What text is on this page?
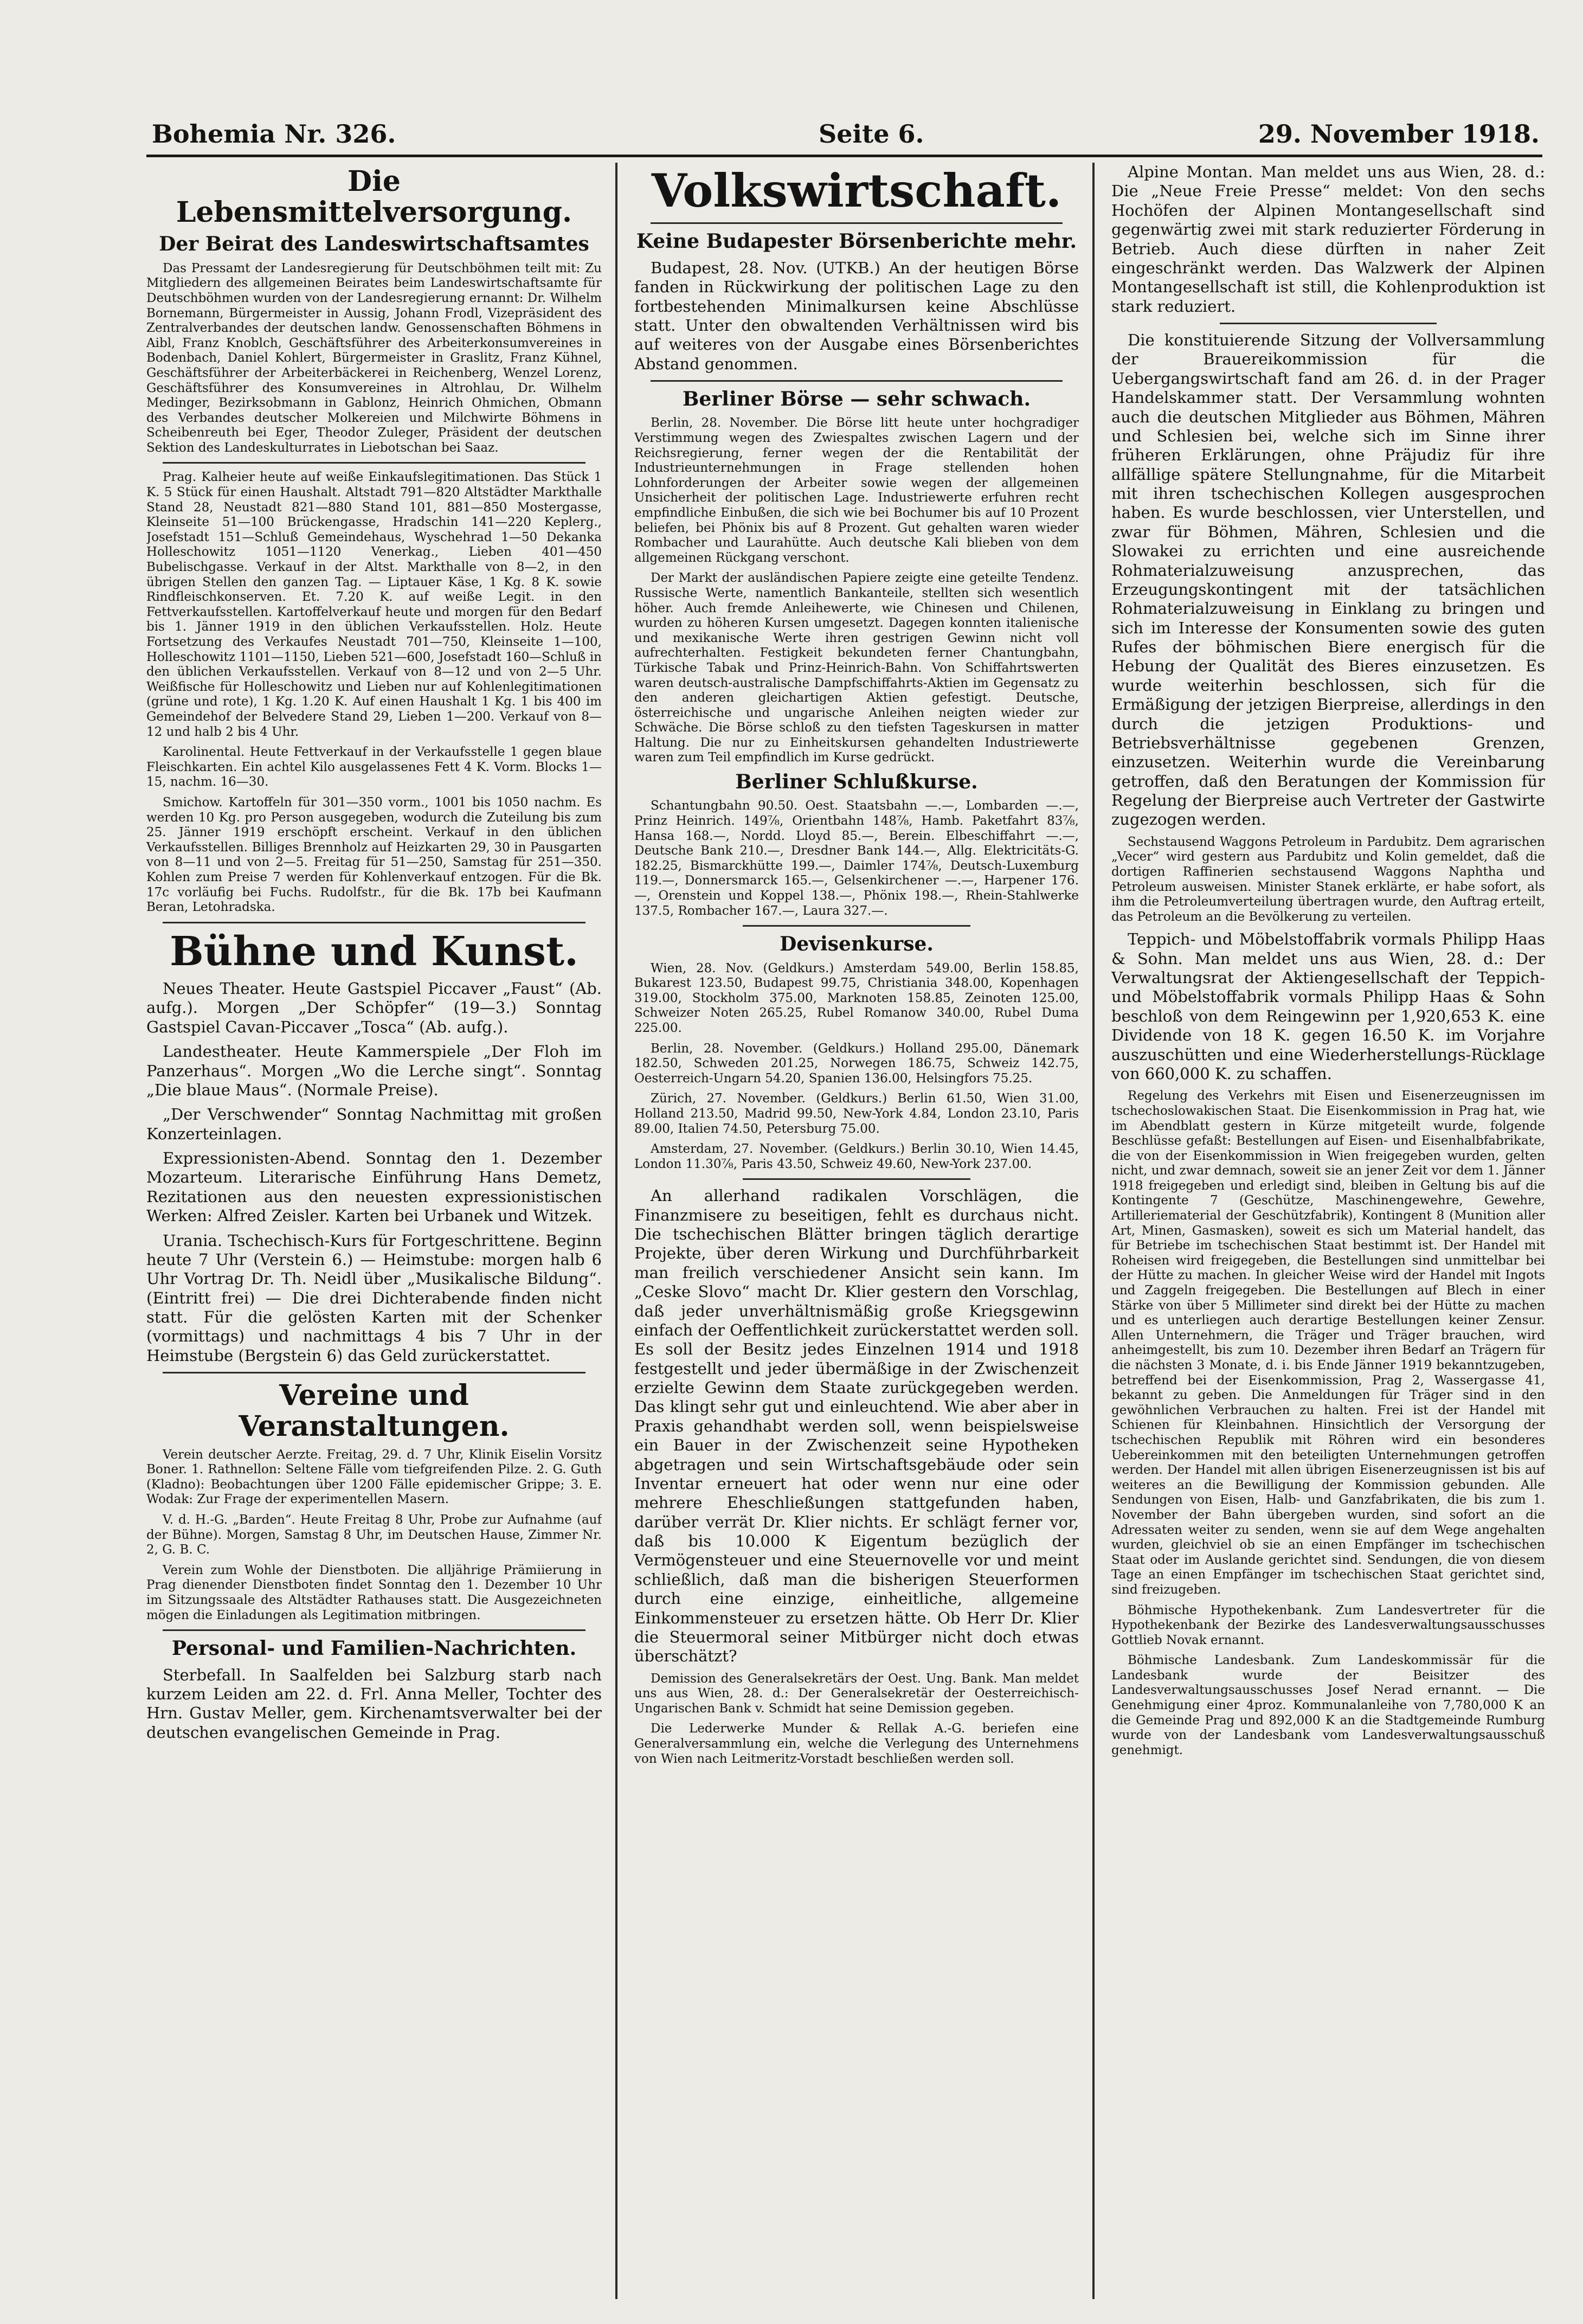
Bohemia Nr. 326.	Seite 6.	29. November 1918.
Die Lebensmittelversorgung.
Der Beirat des Landeswirtschaftsamtes

Das Pressamt der Landesregierung für Deutschböhmen teilt mit: Zu Mitgliedern des allgemeinen Beirates beim Landeswirtschaftsamte für Deutschböhmen wurden von der Landesregierung ernannt: Dr. Wilhelm Bornemann, Bürgermeister in Aussig, Johann Frodl, Vizepräsident des Zentralverbandes der deutschen landw. Genossenschaften Böhmens in Aibl, Franz Knoblch, Geschäftsführer des Arbeiterkonsumvereines in Bodenbach, Daniel Kohlert, Bürgermeister in Graslitz, Franz Kühnel, Geschäftsführer der Arbeiterbäckerei in Reichenberg, Wenzel Lorenz, Geschäftsführer des Konsumvereines in Altrohlau, Dr. Wilhelm Medinger, Bezirksobmann in Gablonz, Heinrich Ohmichen, Obmann des Verbandes deutscher Molkereien und Milchwirte Böhmens in Scheibenreuth bei Eger, Theodor Zuleger, Präsident der deutschen Sektion des Landeskulturrates in Liebotschan bei Saaz.

Prag. Kalheier heute auf weiße Einkaufslegitimationen. Das Stück 1 K. 5 Stück für einen Haushalt. Altstadt 791—820 Altstädter Markthalle Stand 28, Neustadt 821—880 Stand 101, 881—850 Mostergasse, Kleinseite 51—100 Brückengasse, Hradschin 141—220 Keplerg., Josefstadt 151—Schluß Gemeindehaus, Wyschehrad 1—50 Dekanka Holleschowitz 1051—1120 Venerkag., Lieben 401—450 Bubelischgasse. Verkauf in der Altst. Markthalle von 8—2, in den übrigen Stellen den ganzen Tag. — Liptauer Käse, 1 Kg. 8 K. sowie Rindfleischkonserven. Et. 7.20 K. auf weiße Legit. in den Fettverkaufsstellen. Kartoffelverkauf heute und morgen für den Bedarf bis 1. Jänner 1919 in den üblichen Verkaufsstellen. Holz. Heute Fortsetzung des Verkaufes Neustadt 701—750, Kleinseite 1—100, Holleschowitz 1101—1150, Lieben 521—600, Josefstadt 160—Schluß in den üblichen Verkaufsstellen. Verkauf von 8—12 und von 2—5 Uhr. Weißfische für Holleschowitz und Lieben nur auf Kohlenlegitimationen (grüne und rote), 1 Kg. 1.20 K. Auf einen Haushalt 1 Kg. 1 bis 400 im Gemeindehof der Belvedere Stand 29, Lieben 1—200. Verkauf von 8—12 und halb 2 bis 4 Uhr.

Karolinental. Heute Fettverkauf in der Verkaufsstelle 1 gegen blaue Fleischkarten. Ein achtel Kilo ausgelassenes Fett 4 K. Vorm. Blocks 1—15, nachm. 16—30.

Smichow. Kartoffeln für 301—350 vorm., 1001 bis 1050 nachm. Es werden 10 Kg. pro Person ausgegeben, wodurch die Zuteilung bis zum 25. Jänner 1919 erschöpft erscheint. Verkauf in den üblichen Verkaufsstellen. Billiges Brennholz auf Heizkarten 29, 30 in Pausgarten von 8—11 und von 2—5. Freitag für 51—250, Samstag für 251—350. Kohlen zum Preise 7 werden für Kohlenverkauf entzogen. Für die Bk. 17c vorläufig bei Fuchs. Rudolfstr., für die Bk. 17b bei Kaufmann Beran, Letohradska.

Bühne und Kunst.

Neues Theater. Heute Gastspiel Piccaver „Faust“ (Ab. aufg.). Morgen „Der Schöpfer“ (19—3.) Sonntag Gastspiel Cavan-Piccaver „Tosca“ (Ab. aufg.).

Landestheater. Heute Kammerspiele „Der Floh im Panzerhaus“. Morgen „Wo die Lerche singt“. Sonntag „Die blaue Maus“. (Normale Preise).

„Der Verschwender“ Sonntag Nachmittag mit großen Konzerteinlagen.

Expressionisten-Abend. Sonntag den 1. Dezember Mozarteum. Literarische Einführung Hans Demetz, Rezitationen aus den neuesten expressionistischen Werken: Alfred Zeisler. Karten bei Urbanek und Witzek.

Urania. Tschechisch-Kurs für Fortgeschrittene. Beginn heute 7 Uhr (Verstein 6.) — Heimstube: morgen halb 6 Uhr Vortrag Dr. Th. Neidl über „Musikalische Bildung“. (Eintritt frei) — Die drei Dichterabende finden nicht statt. Für die gelösten Karten mit der Schenker (vormittags) und nachmittags 4 bis 7 Uhr in der Heimstube (Bergstein 6) das Geld zurückerstattet.

Vereine und Veranstaltungen.

Verein deutscher Aerzte. Freitag, 29. d. 7 Uhr, Klinik Eiselin Vorsitz Boner. 1. Rathnellon: Seltene Fälle vom tiefgreifenden Pilze. 2. G. Guth (Kladno): Beobachtungen über 1200 Fälle epidemischer Grippe; 3. E. Wodak: Zur Frage der experimentellen Masern.

V. d. H.-G. „Barden“. Heute Freitag 8 Uhr, Probe zur Aufnahme (auf der Bühne). Morgen, Samstag 8 Uhr, im Deutschen Hause, Zimmer Nr. 2, G. B. C.

Verein zum Wohle der Dienstboten. Die alljährige Prämiierung in Prag dienender Dienstboten findet Sonntag den 1. Dezember 10 Uhr im Sitzungssaale des Altstädter Rathauses statt. Die Ausgezeichneten mögen die Einladungen als Legitimation mitbringen.

Personal- und Familien-Nachrichten.

Sterbefall. In Saalfelden bei Salzburg starb nach kurzem Leiden am 22. d. Frl. Anna Meller, Tochter des Hrn. Gustav Meller, gem. Kirchenamtsverwalter bei der deutschen evangelischen Gemeinde in Prag.

Volkswirtschaft.
Keine Budapester Börsenberichte mehr.

Budapest, 28. Nov. (UTKB.) An der heutigen Börse fanden in Rückwirkung der politischen Lage zu den fortbestehenden Minimalkursen keine Abschlüsse statt. Unter den obwaltenden Verhältnissen wird bis auf weiteres von der Ausgabe eines Börsenberichtes Abstand genommen.

Berliner Börse — sehr schwach.

Berlin, 28. November. Die Börse litt heute unter hochgradiger Verstimmung wegen des Zwiespaltes zwischen Lagern und der Reichsregierung, ferner wegen der die Rentabilität der Industrieunternehmungen in Frage stellenden hohen Lohnforderungen der Arbeiter sowie wegen der allgemeinen Unsicherheit der politischen Lage. Industriewerte erfuhren recht empfindliche Einbußen, die sich wie bei Bochumer bis auf 10 Prozent beliefen, bei Phönix bis auf 8 Prozent. Gut gehalten waren wieder Rombacher und Laurahütte. Auch deutsche Kali blieben von dem allgemeinen Rückgang verschont.

Der Markt der ausländischen Papiere zeigte eine geteilte Tendenz. Russische Werte, namentlich Bankanteile, stellten sich wesentlich höher. Auch fremde Anleihewerte, wie Chinesen und Chilenen, wurden zu höheren Kursen umgesetzt. Dagegen konnten italienische und mexikanische Werte ihren gestrigen Gewinn nicht voll aufrechterhalten. Festigkeit bekundeten ferner Chantungbahn, Türkische Tabak und Prinz-Heinrich-Bahn. Von Schiffahrtswerten waren deutsch-australische Dampfschiffahrts-Aktien im Gegensatz zu den anderen gleichartigen Aktien gefestigt. Deutsche, österreichische und ungarische Anleihen neigten wieder zur Schwäche. Die Börse schloß zu den tiefsten Tageskursen in matter Haltung. Die nur zu Einheitskursen gehandelten Industriewerte waren zum Teil empfindlich im Kurse gedrückt.

Berliner Schlußkurse.

Schantungbahn 90.50. Oest. Staatsbahn —.—, Lombarden —.—, Prinz Heinrich. 149⅞, Orientbahn 148⅞, Hamb. Paketfahrt 83⅞, Hansa 168.—, Nordd. Lloyd 85.—, Berein. Elbeschiffahrt —.—, Deutsche Bank 210.—, Dresdner Bank 144.—, Allg. Elektricitäts-G. 182.25, Bismarckhütte 199.—, Daimler 174⅞, Deutsch-Luxemburg 119.—, Donnersmarck 165.—, Gelsenkirchener —.—, Harpener 176.—, Orenstein und Koppel 138.—, Phönix 198.—, Rhein-Stahlwerke 137.5, Rombacher 167.—, Laura 327.—.

Devisenkurse.

Wien, 28. Nov. (Geldkurs.) Amsterdam 549.00, Berlin 158.85, Bukarest 123.50, Budapest 99.75, Christiania 348.00, Kopenhagen 319.00, Stockholm 375.00, Marknoten 158.85, Zeinoten 125.00, Schweizer Noten 265.25, Rubel Romanow 340.00, Rubel Duma 225.00.

Berlin, 28. November. (Geldkurs.) Holland 295.00, Dänemark 182.50, Schweden 201.25, Norwegen 186.75, Schweiz 142.75, Oesterreich-Ungarn 54.20, Spanien 136.00, Helsingfors 75.25.

Zürich, 27. November. (Geldkurs.) Berlin 61.50, Wien 31.00, Holland 213.50, Madrid 99.50, New-York 4.84, London 23.10, Paris 89.00, Italien 74.50, Petersburg 75.00.

Amsterdam, 27. November. (Geldkurs.) Berlin 30.10, Wien 14.45, London 11.30⅞, Paris 43.50, Schweiz 49.60, New-York 237.00.

An allerhand radikalen Vorschlägen, die Finanzmisere zu beseitigen, fehlt es durchaus nicht. Die tschechischen Blätter bringen täglich derartige Projekte, über deren Wirkung und Durchführbarkeit man freilich verschiedener Ansicht sein kann. Im „Ceske Slovo“ macht Dr. Klier gestern den Vorschlag, daß jeder unverhältnismäßig große Kriegsgewinn einfach der Oeffentlichkeit zurückerstattet werden soll. Es soll der Besitz jedes Einzelnen 1914 und 1918 festgestellt und jeder übermäßige in der Zwischenzeit erzielte Gewinn dem Staate zurückgegeben werden. Das klingt sehr gut und einleuchtend. Wie aber aber in Praxis gehandhabt werden soll, wenn beispielsweise ein Bauer in der Zwischenzeit seine Hypotheken abgetragen und sein Wirtschaftsgebäude oder sein Inventar erneuert hat oder wenn nur eine oder mehrere Eheschließungen stattgefunden haben, darüber verrät Dr. Klier nichts. Er schlägt ferner vor, daß bis 10.000 K Eigentum bezüglich der Vermögensteuer und eine Steuernovelle vor und meint schließlich, daß man die bisherigen Steuerformen durch eine einzige, einheitliche, allgemeine Einkommensteuer zu ersetzen hätte. Ob Herr Dr. Klier die Steuermoral seiner Mitbürger nicht doch etwas überschätzt?

Demission des Generalsekretärs der Oest. Ung. Bank. Man meldet uns aus Wien, 28. d.: Der Generalsekretär der Oesterreichisch-Ungarischen Bank v. Schmidt hat seine Demission gegeben.

Die Lederwerke Munder & Rellak A.-G. beriefen eine Generalversammlung ein, welche die Verlegung des Unternehmens von Wien nach Leitmeritz-Vorstadt beschließen werden soll.

Alpine Montan. Man meldet uns aus Wien, 28. d.: Die „Neue Freie Presse“ meldet: Von den sechs Hochöfen der Alpinen Montangesellschaft sind gegenwärtig zwei mit stark reduzierter Förderung in Betrieb. Auch diese dürften in naher Zeit eingeschränkt werden. Das Walzwerk der Alpinen Montangesellschaft ist still, die Kohlenproduktion ist stark reduziert.

Die konstituierende Sitzung der Vollversammlung der Brauereikommission für die Uebergangswirtschaft fand am 26. d. in der Prager Handelskammer statt. Der Versammlung wohnten auch die deutschen Mitglieder aus Böhmen, Mähren und Schlesien bei, welche sich im Sinne ihrer früheren Erklärungen, ohne Präjudiz für ihre allfällige spätere Stellungnahme, für die Mitarbeit mit ihren tschechischen Kollegen ausgesprochen haben. Es wurde beschlossen, vier Unterstellen, und zwar für Böhmen, Mähren, Schlesien und die Slowakei zu errichten und eine ausreichende Rohmaterialzuweisung anzusprechen, das Erzeugungskontingent mit der tatsächlichen Rohmaterialzuweisung in Einklang zu bringen und sich im Interesse der Konsumenten sowie des guten Rufes der böhmischen Biere energisch für die Hebung der Qualität des Bieres einzusetzen. Es wurde weiterhin beschlossen, sich für die Ermäßigung der jetzigen Bierpreise, allerdings in den durch die jetzigen Produktions- und Betriebsverhältnisse gegebenen Grenzen, einzusetzen. Weiterhin wurde die Vereinbarung getroffen, daß den Beratungen der Kommission für Regelung der Bierpreise auch Vertreter der Gastwirte zugezogen werden.

Sechstausend Waggons Petroleum in Pardubitz. Dem agrarischen „Vecer“ wird gestern aus Pardubitz und Kolin gemeldet, daß die dortigen Raffinerien sechstausend Waggons Naphtha und Petroleum ausweisen. Minister Stanek erklärte, er habe sofort, als ihm die Petroleumverteilung übertragen wurde, den Auftrag erteilt, das Petroleum an die Bevölkerung zu verteilen.

Teppich- und Möbelstoffabrik vormals Philipp Haas & Sohn. Man meldet uns aus Wien, 28. d.: Der Verwaltungsrat der Aktiengesellschaft der Teppich- und Möbelstoffabrik vormals Philipp Haas & Sohn beschloß von dem Reingewinn per 1,920,653 K. eine Dividende von 18 K. gegen 16.50 K. im Vorjahre auszuschütten und eine Wiederherstellungs-Rücklage von 660,000 K. zu schaffen.

Regelung des Verkehrs mit Eisen und Eisenerzeugnissen im tschechoslowakischen Staat. Die Eisenkommission in Prag hat, wie im Abendblatt gestern in Kürze mitgeteilt wurde, folgende Beschlüsse gefaßt: Bestellungen auf Eisen- und Eisenhalbfabrikate, die von der Eisenkommission in Wien freigegeben wurden, gelten nicht, und zwar demnach, soweit sie an jener Zeit vor dem 1. Jänner 1918 freigegeben und erledigt sind, bleiben in Geltung bis auf die Kontingente 7 (Geschütze, Maschinengewehre, Gewehre, Artilleriematerial der Geschützfabrik), Kontingent 8 (Munition aller Art, Minen, Gasmasken), soweit es sich um Material handelt, das für Betriebe im tschechischen Staat bestimmt ist. Der Handel mit Roheisen wird freigegeben, die Bestellungen sind unmittelbar bei der Hütte zu machen. In gleicher Weise wird der Handel mit Ingots und Zaggeln freigegeben. Die Bestellungen auf Blech in einer Stärke von über 5 Millimeter sind direkt bei der Hütte zu machen und es unterliegen auch derartige Bestellungen keiner Zensur. Allen Unternehmern, die Träger und Träger brauchen, wird anheimgestellt, bis zum 10. Dezember ihren Bedarf an Trägern für die nächsten 3 Monate, d. i. bis Ende Jänner 1919 bekanntzugeben, betreffend bei der Eisenkommission, Prag 2, Wassergasse 41, bekannt zu geben. Die Anmeldungen für Träger sind in den gewöhnlichen Verbrauchen zu halten. Frei ist der Handel mit Schienen für Kleinbahnen. Hinsichtlich der Versorgung der tschechischen Republik mit Röhren wird ein besonderes Uebereinkommen mit den beteiligten Unternehmungen getroffen werden. Der Handel mit allen übrigen Eisenerzeugnissen ist bis auf weiteres an die Bewilligung der Kommission gebunden. Alle Sendungen von Eisen, Halb- und Ganzfabrikaten, die bis zum 1. November der Bahn übergeben wurden, sind sofort an die Adressaten weiter zu senden, wenn sie auf dem Wege angehalten wurden, gleichviel ob sie an einen Empfänger im tschechischen Staat oder im Auslande gerichtet sind. Sendungen, die von diesem Tage an einen Empfänger im tschechischen Staat gerichtet sind, sind freizugeben.

Böhmische Hypothekenbank. Zum Landesvertreter für die Hypothekenbank der Bezirke des Landesverwaltungsausschusses Gottlieb Novak ernannt.

Böhmische Landesbank. Zum Landeskommissär für die Landesbank wurde der Beisitzer des Landesverwaltungsausschusses Josef Nerad ernannt. — Die Genehmigung einer 4proz. Kommunalanleihe von 7,780,000 K an die Gemeinde Prag und 892,000 K an die Stadtgemeinde Rumburg wurde von der Landesbank vom Landesverwaltungsausschuß genehmigt.
